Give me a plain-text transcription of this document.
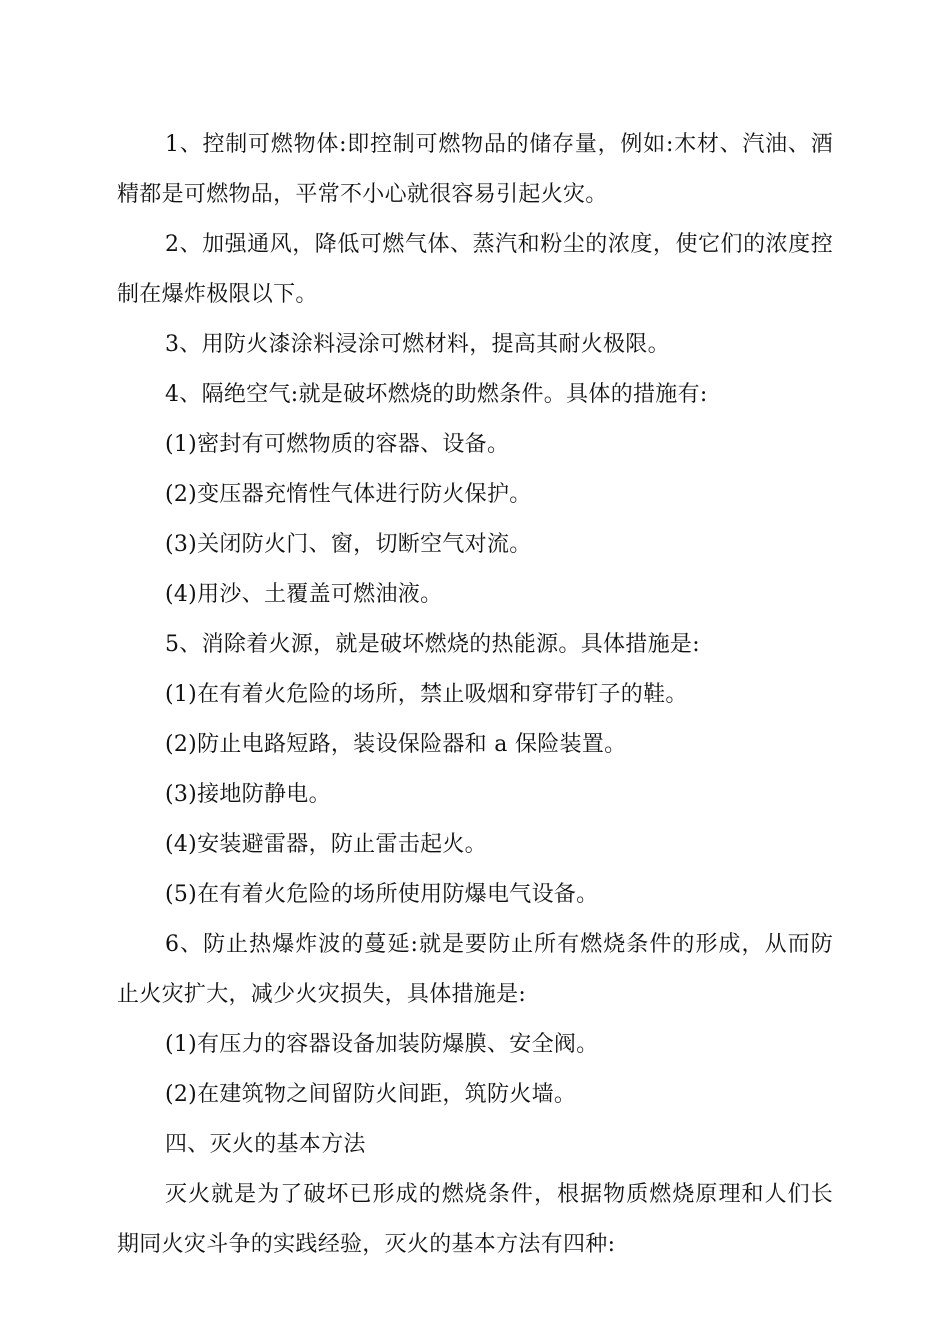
1、控制可燃物体:即控制可燃物品的储存量，例如:木材、汽油、酒精都是可燃物品，平常不小心就很容易引起火灾。

2、加强通风，降低可燃气体、蒸汽和粉尘的浓度，使它们的浓度控制在爆炸极限以下。

3、用防火漆涂料浸涂可燃材料，提高其耐火极限。

4、隔绝空气:就是破坏燃烧的助燃条件。具体的措施有:

(1)密封有可燃物质的容器、设备。

(2)变压器充惰性气体进行防火保护。

(3)关闭防火门、窗，切断空气对流。

(4)用沙、土覆盖可燃油液。

5、消除着火源，就是破坏燃烧的热能源。具体措施是:

(1)在有着火危险的场所，禁止吸烟和穿带钉子的鞋。

(2)防止电路短路，装设保险器和 a 保险装置。

(3)接地防静电。

(4)安装避雷器，防止雷击起火。

(5)在有着火危险的场所使用防爆电气设备。

6、防止热爆炸波的蔓延:就是要防止所有燃烧条件的形成，从而防止火灾扩大，减少火灾损失，具体措施是:

(1)有压力的容器设备加装防爆膜、安全阀。

(2)在建筑物之间留防火间距，筑防火墙。

四、灭火的基本方法

灭火就是为了破坏已形成的燃烧条件，根据物质燃烧原理和人们长期同火灾斗争的实践经验，灭火的基本方法有四种:
